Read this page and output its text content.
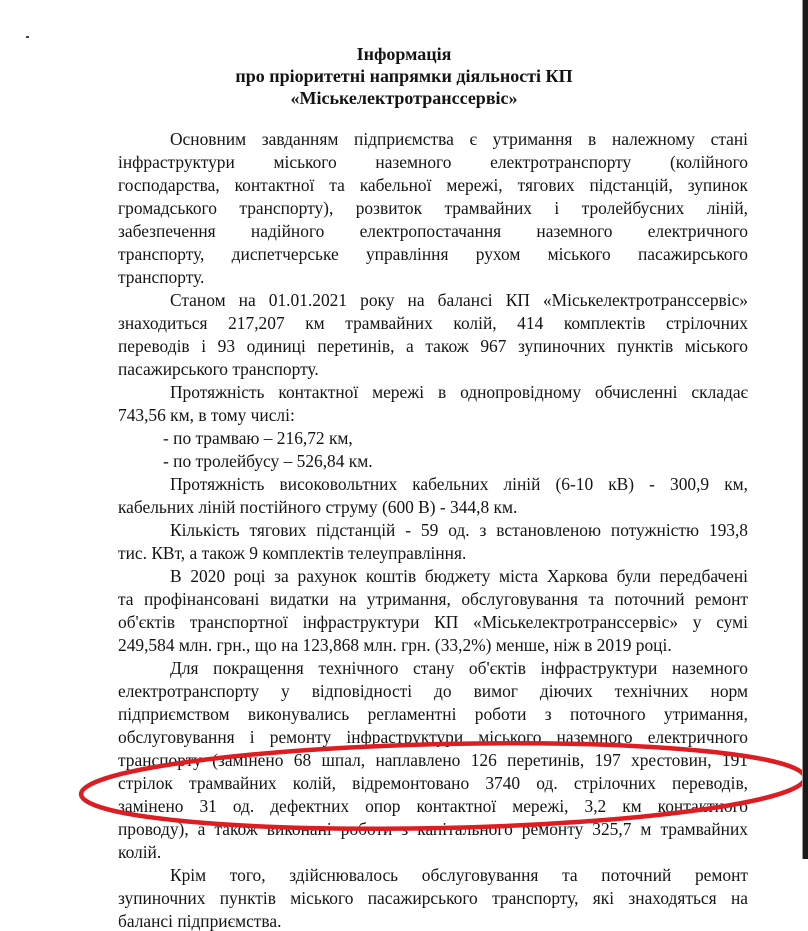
Інформація
про пріоритетні напрямки діяльності КП
«Міськелектротранссервіс»
Основним завданням підприємства є утримання в належному стані
інфраструктури міського наземного електротранспорту (колійного
господарства, контактної та кабельної мережі, тягових підстанцій, зупинок
громадського транспорту), розвиток трамвайних і тролейбусних ліній,
забезпечення надійного електропостачання наземного електричного
транспорту, диспетчерське управління рухом міського пасажирського
транспорту.
Станом на 01.01.2021 року на балансі КП «Міськелектротранссервіс»
знаходиться 217,207 км трамвайних колій, 414 комплектів стрілочних
переводів і 93 одиниці перетинів, а також 967 зупиночних пунктів міського
пасажирського транспорту.
Протяжність контактної мережі в однопровідному обчисленні складає
743,56 км, в тому числі:
- по трамваю – 216,72 км,
- по тролейбусу – 526,84 км.
Протяжність високовольтних кабельних ліній (6-10 кВ) - 300,9 км,
кабельних ліній постійного струму (600 В) - 344,8 км.
Кількість тягових підстанцій - 59 од. з встановленою потужністю 193,8
тис. КВт, а також 9 комплектів телеуправління.
В 2020 році за рахунок коштів бюджету міста Харкова були передбачені
та профінансовані видатки на утримання, обслуговування та поточний ремонт
об'єктів транспортної інфраструктури КП «Міськелектротранссервіс» у сумі
249,584 млн. грн., що на 123,868 млн. грн. (33,2%) менше, ніж в 2019 році.
Для покращення технічного стану об'єктів інфраструктури наземного
електротранспорту у відповідності до вимог діючих технічних норм
підприємством виконувались регламентні роботи з поточного утримання,
обслуговування і ремонту інфраструктури міського наземного електричного
транспорту (замінено 68 шпал, наплавлено 126 перетинів, 197 хрестовин, 191
стрілок трамвайних колій, відремонтовано 3740 од. стрілочних переводів,
замінено 31 од. дефектних опор контактної мережі, 3,2 км контактного
проводу), а також виконані роботи з капітального ремонту 325,7 м трамвайних
колій.
Крім того, здійснювалось обслуговування та поточний ремонт
зупиночних пунктів міського пасажирського транспорту, які знаходяться на
балансі підприємства.
